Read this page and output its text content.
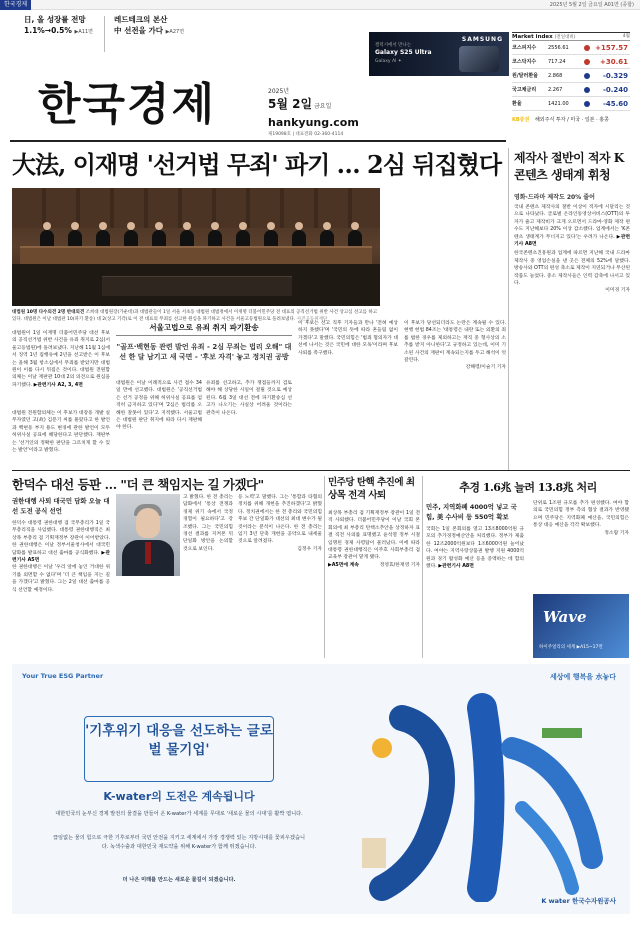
한국경제	2025년 5월 2일 금요일 A01면 (종합)
日, 올 성장률 전망
1.1%→0.5% ▶A11면
레드테크의 본산
中 선전을 가다 ▶A27면
SAMSUNG
갤럭시에서 만나는
Galaxy S25 Ultra
Galaxy AI ✦
한국경제	2025년
5월 2일 금요일
hankyung.com
제19098호 | 대표전화 02-360-4114
Market index (전일대비)	4월
코스피지수 2556.61	+157.57
코스닥지수 717.24	+30.61
원/달러환율 2.868	-0.329
국고채금리 2.267	-0.240
환율	1421.00	-45.60
KB증권 해외주식 투자 / 미국 · 일본 · 홍콩
大法, 이재명 '선거법 무죄' 파기 … 2심 뒤집혔다
대법원 10명 다수의견 2명 반대의견 조희대 대법원장(가운데)과 대법관들이 1일 서울 서초동 대법원 대법정에서 이재명 더불어민주당 전 대표의 공직선거법 위반 사건 상고심 선고를 하고 있다. 대법원은 이날 대법관 10(파기 환송) 대 2(상고 기각)로 이 전 대표의 무죄를 선고한 원심을 파기하고 사건을 서울고등법원으로 돌려보냈다. 사진공동취재단
대법원이 1일 이재명 더불어민주당 대선 후보의 공직선거법 위반 사건을 유죄 취지로 2심(서울고등법원)에 돌려보냈다. 지난해 11월 1심에서 징역 1년 집행유예 2년을 선고받은 이 후보는 올해 3월 항소심에서 무죄를 받았지만 대법원이 이를 다시 뒤집은 것이다. 대법원 전원합의체는 이날 재판관 10대 2의 의견으로 원심을 파기했다. ▶관련기사 A2, 3, 4면
대법원 전원합의체는 이 후보가 대장동 개발 실무자였던 고(故) 김문기 씨를 몰랐다고 한 발언과 백현동 부지 용도 변경에 관한 발언이 모두 허위사실 공표에 해당한다고 판단했다. 재판부는 '선거인의 정확한 판단을 그르치게 할 수 있는 발언'이라고 밝혔다.
서울고법으로 유죄 취지 파기환송
"골프·백현동 관련 발언 유죄 - 2심 무죄는 법리 오해" 대선 한 달 남기고 새 국면 - '후보 자격' 놓고 정치권 공방
대법원은 이날 이례적으로 사건 접수 34일 만에 선고했다. 대법원은 '공직선거법은 선거 공정을 위해 허위사실 공표를 엄격히 금지하고 있다'며 '2심은 법리를 오해한 잘못이 있다'고 지적했다. 서울고법은 대법원 판단 취지에 따라 다시 재판해야 한다.
유죄를 선고하고, 추가 쟁점들까지 검토해야 해 상당한 시일이 걸릴 것으로 예상된다. 6월 3일 대선 전에 파기환송심 선고가 나오기는 사실상 어려울 것이라는 관측이 나온다.
이 후보는 선고 직후 기자들과 만나 '전혀 예상하지 못했다'며 '국민의 뜻에 따라 흔들림 없이 가겠다'고 말했다. 국민의힘은 '범죄 혐의자가 대선에 나서는 것은 국민에 대한 모독'이라며 후보 사퇴를 촉구했다.
이 후보가 당선되더라도 논란은 계속될 수 있다. 현행 헌법 84조는 '대통령은 내란 또는 외환의 죄를 범한 경우를 제외하고는 재직 중 형사상의 소추를 받지 아니한다'고 규정하고 있는데, 이미 기소된 사건의 재판이 계속되는지를 두고 해석이 엇갈린다.
강해령/이슬기 기자
제작사 절반이 적자 K콘텐츠 생태계 휘청
영화·드라마 제작도 20% 줄어
국내 콘텐츠 제작사의 절반 이상이 적자에 시달리는 것으로 나타났다. 글로벌 온라인동영상서비스(OTT)의 투자가 줄고 제작비가 크게 오르면서 드라마·영화 제작 편수도 지난해보다 20% 이상 감소했다. 업계에서는 'K콘텐츠 생태계가 무너지고 있다'는 우려가 나온다. ▶관련기사 A8면
한국콘텐츠진흥원과 업계에 따르면 지난해 국내 드라마 제작사 중 영업손실을 낸 곳은 전체의 52%에 달했다. 방송사와 OTT의 편성 축소로 제작이 지연되거나 무산된 작품도 늘었다. 중소 제작사들은 인력 감축에 나서고 있다.
이미경 기자
한덕수 대선 등판 … "더 큰 책임지는 길 가겠다"
권한대행 사퇴 대국민 담화 오늘 대선 도전 공식 선언
한덕수 대통령 권한대행 겸 국무총리가 1일 국무총리직을 사임했다. 대통령 권한대행직은 최상목 부총리 겸 기획재정부 장관이 이어받았다. 한 권한대행은 이날 정부서울청사에서 대국민 담화를 발표하고 대선 출마를 공식화했다. ▶관련기사 A5면
한 권한대행은 이날 '우리 앞에 놓인 거대한 위기를 외면할 수 없다'며 '더 큰 책임을 지는 길을 가겠다'고 밝혔다. 그는 2일 대선 출마를 공식 선언할 예정이다.
고 밝혔다. 한 전 총리는 담화에서 '통상 전쟁과 경제 위기 속에서 국정 경험이 필요하다'고 강조했다. 그는 국민의힘 경선 결과를 지켜본 뒤 단일화 방안을 논의할 것으로 보인다.
등 노력'고 말했다. 그는 '통합과 타협의 정치를 위해 개헌을 추진하겠다'고 밝혔다. 정치권에서는 한 전 총리와 국민의힘 후보 간 단일화가 대선의 최대 변수가 될 것이라는 분석이 나온다. 한 전 총리는 임기 3년 단축 개헌을 공약으로 내세울 것으로 알려졌다.
김정우 기자
민주당 탄핵 추진에 최상목 전격 사퇴
최상목 부총리 겸 기획재정부 장관이 1일 전격 사퇴했다. 더불어민주당이 이날 국회 본회의에 최 부총리 탄핵소추안을 상정하자 표결 직전 사의를 표명했고 윤석열 정부 시절 임명된 경제 사령탑이 물러났다. 이에 따라 대통령 권한대행직은 이주호 사회부총리 겸 교육부 장관이 맡게 됐다.
▶A5면에 계속	정영효/한재영 기자
추경 1.6兆 늘려 13.8兆 처리
민주, 지역화폐 4000억 넣고 국힘, 美 수사비 등 550억 확보
국회는 1일 본회의를 열고 13조8000억원 규모의 추가경정예산안을 처리했다. 정부가 제출한 12조2000억원보다 1조6000억원 늘어났다. 여야는 지역사랑상품권 발행 지원 4000억원과 경기 활성화 예산 등을 증액하는 데 합의했다. ▶관련기사 A8면
단위로 1조원 규모를 추가 편성했다. 여야 합의로 국민의힘 정부 측의 협상 결과가 반영됐으며 민주당은 지역화폐 예산을, 국민의힘은 통상 대응 예산을 각각 확보했다.
정소람 기자
Wave
하이주얼리의 세계 ▶A15~17면
Your True ESG Partner	세상에 행복을 水놓다
'기후위기 대응을 선도하는 글로벌 물기업'
K-water의 도전은 계속됩니다
대한민국의 눈부신 경제 발전의 물결을 만들어 온 K-water가 세계를 무대로 '새로운 물의 시대'를 활짝 엽니다.
끊임없는 물의 힘으로 극한 기후로부터 국민 안전을 지키고 세계에서 가장 경쟁력 있는 지방시대를 꽃피우겠습니다. 녹색수출과 대한민국 재도약을 위해 K-water가 함께 뛰겠습니다.
더 나은 미래를 만드는 새로운 물길이 되겠습니다.
K water 한국수자원공사
